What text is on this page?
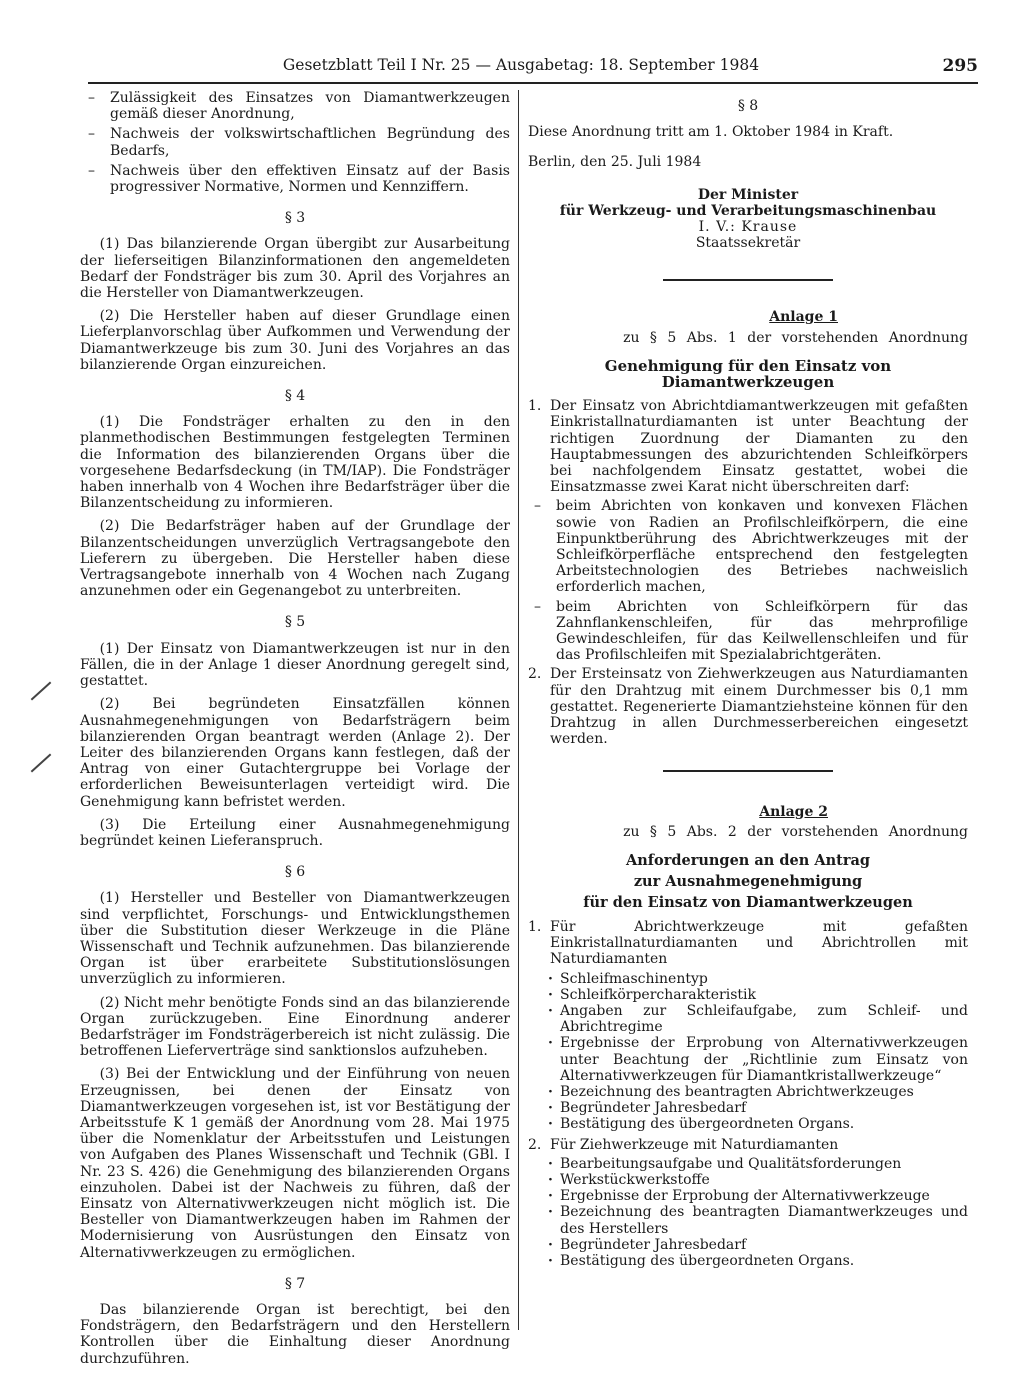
Gesetzblatt Teil I Nr. 25 — Ausgabetag: 18. September 1984	295

– Zulässigkeit des Einsatzes von Diamantwerkzeugen gemäß dieser Anordnung,

– Nachweis der volkswirtschaftlichen Begründung des Bedarfs,

– Nachweis über den effektiven Einsatz auf der Basis progressiver Normative, Normen und Kennziffern.

§ 3

(1) Das bilanzierende Organ übergibt zur Ausarbeitung der lieferseitigen Bilanzinformationen den angemeldeten Bedarf der Fondsträger bis zum 30. April des Vorjahres an die Hersteller von Diamantwerkzeugen.

(2) Die Hersteller haben auf dieser Grundlage einen Lieferplanvorschlag über Aufkommen und Verwendung der Diamantwerkzeuge bis zum 30. Juni des Vorjahres an das bilanzierende Organ einzureichen.

§ 4

(1) Die Fondsträger erhalten zu den in den planmethodischen Bestimmungen festgelegten Terminen die Information des bilanzierenden Organs über die vorgesehene Bedarfsdeckung (in TM/IAP). Die Fondsträger haben innerhalb von 4 Wochen ihre Bedarfsträger über die Bilanzentscheidung zu informieren.

(2) Die Bedarfsträger haben auf der Grundlage der Bilanzentscheidungen unverzüglich Vertragsangebote den Lieferern zu übergeben. Die Hersteller haben diese Vertragsangebote innerhalb von 4 Wochen nach Zugang anzunehmen oder ein Gegenangebot zu unterbreiten.

§ 5

(1) Der Einsatz von Diamantwerkzeugen ist nur in den Fällen, die in der Anlage 1 dieser Anordnung geregelt sind, gestattet.

(2) Bei begründeten Einsatzfällen können Ausnahmegenehmigungen von Bedarfsträgern beim bilanzierenden Organ beantragt werden (Anlage 2). Der Leiter des bilanzierenden Organs kann festlegen, daß der Antrag von einer Gutachtergruppe bei Vorlage der erforderlichen Beweisunterlagen verteidigt wird. Die Genehmigung kann befristet werden.

(3) Die Erteilung einer Ausnahmegenehmigung begründet keinen Lieferanspruch.

§ 6

(1) Hersteller und Besteller von Diamantwerkzeugen sind verpflichtet, Forschungs- und Entwicklungsthemen über die Substitution dieser Werkzeuge in die Pläne Wissenschaft und Technik aufzunehmen. Das bilanzierende Organ ist über erarbeitete Substitutionslösungen unverzüglich zu informieren.

(2) Nicht mehr benötigte Fonds sind an das bilanzierende Organ zurückzugeben. Eine Einordnung anderer Bedarfsträger im Fondsträgerbereich ist nicht zulässig. Die betroffenen Lieferverträge sind sanktionslos aufzuheben.

(3) Bei der Entwicklung und der Einführung von neuen Erzeugnissen, bei denen der Einsatz von Diamantwerkzeugen vorgesehen ist, ist vor Bestätigung der Arbeitsstufe K 1 gemäß der Anordnung vom 28. Mai 1975 über die Nomenklatur der Arbeitsstufen und Leistungen von Aufgaben des Planes Wissenschaft und Technik (GBl. I Nr. 23 S. 426) die Genehmigung des bilanzierenden Organs einzuholen. Dabei ist der Nachweis zu führen, daß der Einsatz von Alternativwerkzeugen nicht möglich ist. Die Besteller von Diamantwerkzeugen haben im Rahmen der Modernisierung von Ausrüstungen den Einsatz von Alternativwerkzeugen zu ermöglichen.

§ 7

Das bilanzierende Organ ist berechtigt, bei den Fondsträgern, den Bedarfsträgern und den Herstellern Kontrollen über die Einhaltung dieser Anordnung durchzuführen.

§ 8

Diese Anordnung tritt am 1. Oktober 1984 in Kraft.

Berlin, den 25. Juli 1984

Der Minister

für Werkzeug- und Verarbeitungsmaschinenbau

I. V.: Krause

Staatssekretär

Anlage 1

zu § 5 Abs. 1 der vorstehenden Anordnung

Genehmigung für den Einsatz von Diamantwerkzeugen

1. Der Einsatz von Abrichtdiamantwerkzeugen mit gefaßten Einkristallnaturdiamanten ist unter Beachtung der richtigen Zuordnung der Diamanten zu den Hauptabmessungen des abzurichtenden Schleifkörpers bei nachfolgendem Einsatz gestattet, wobei die Einsatzmasse zwei Karat nicht überschreiten darf:

– beim Abrichten von konkaven und konvexen Flächen sowie von Radien an Profilschleifkörpern, die eine Einpunktberührung des Abrichtwerkzeuges mit der Schleifkörperfläche entsprechend den festgelegten Arbeitstechnologien des Betriebes nachweislich erforderlich machen,

– beim Abrichten von Schleifkörpern für das Zahnflankenschleifen, für das mehrprofilige Gewindeschleifen, für das Keilwellenschleifen und für das Profilschleifen mit Spezialabrichtgeräten.

2. Der Ersteinsatz von Ziehwerkzeugen aus Naturdiamanten für den Drahtzug mit einem Durchmesser bis 0,1 mm gestattet. Regenerierte Diamantziehsteine können für den Drahtzug in allen Durchmesserbereichen eingesetzt werden.
Anlage 2

zu § 5 Abs. 2 der vorstehenden Anordnung

Anforderungen an den Antrag

zur Ausnahmegenehmigung

für den Einsatz von Diamantwerkzeugen

1. Für Abrichtwerkzeuge mit gefaßten Einkristallnaturdiamanten und Abrichtrollen mit Naturdiamanten

· Schleifmaschinentyp

· Schleifkörpercharakteristik

· Angaben zur Schleifaufgabe, zum Schleif- und Abrichtregime

· Ergebnisse der Erprobung von Alternativwerkzeugen unter Beachtung der „Richtlinie zum Einsatz von Alternativwerkzeugen für Diamantkristallwerkzeuge“

· Bezeichnung des beantragten Abrichtwerkzeuges

· Begründeter Jahresbedarf

· Bestätigung des übergeordneten Organs.

2. Für Ziehwerkzeuge mit Naturdiamanten

· Bearbeitungsaufgabe und Qualitätsforderungen

· Werkstückwerkstoffe

· Ergebnisse der Erprobung der Alternativwerkzeuge

· Bezeichnung des beantragten Diamantwerkzeuges und des Herstellers

· Begründeter Jahresbedarf

· Bestätigung des übergeordneten Organs.
